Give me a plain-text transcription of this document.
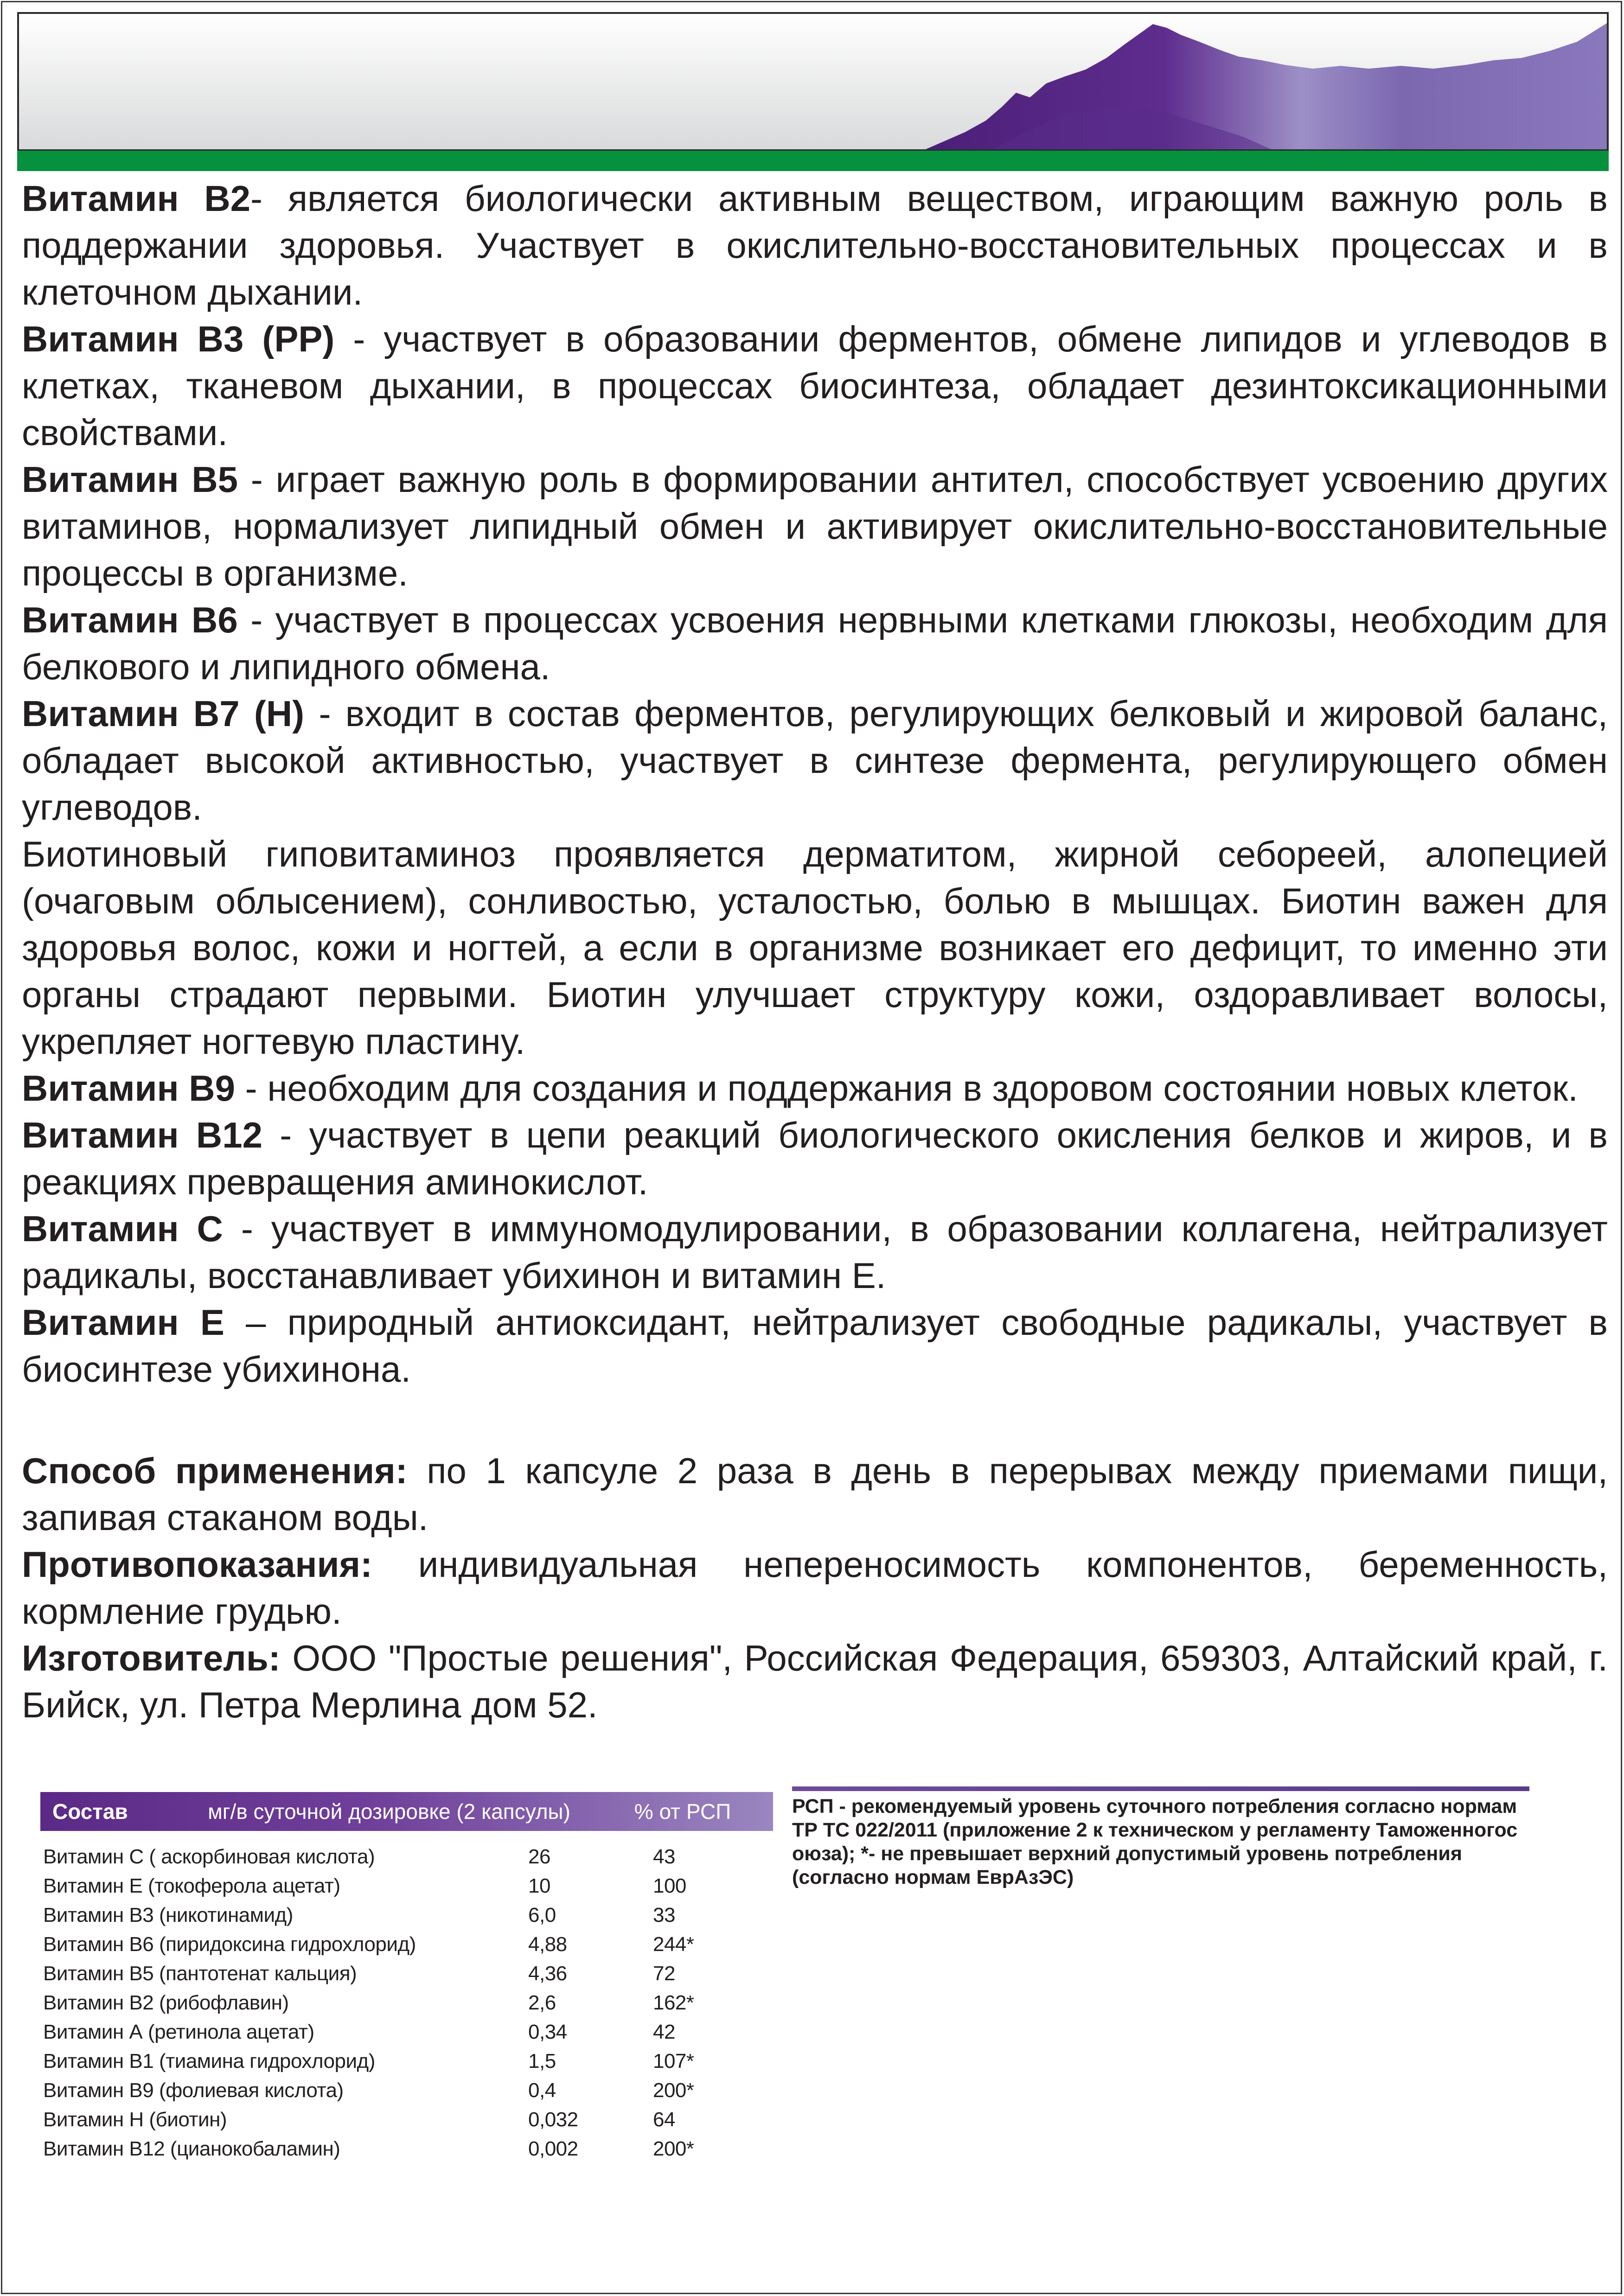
Витамин В2- является биологически активным веществом, играющим важную роль в поддержании здоровья. Участвует в окислительно-восстановительных процессах и в клеточном дыхании.

Витамин В3 (PP) - участвует в образовании ферментов, обмене липидов и углеводов в клетках, тканевом дыхании, в процессах биосинтеза, обладает дезинтоксикационными свойствами.

Витамин В5 - играет важную роль в формировании антител, способствует усвоению других витаминов, нормализует липидный обмен и активирует окислительно-восстановительные процессы в организме.

Витамин В6 - участвует в процессах усвоения нервными клетками глюкозы, необходим для белкового и липидного обмена.

Витамин В7 (Н) - входит в состав ферментов, регулирующих белковый и жировой баланс, обладает высокой активностью, участвует в синтезе фермента, регулирующего обмен углеводов.

Биотиновый гиповитаминоз проявляется дерматитом, жирной себореей, алопецией (очаговым облысением), сонливостью, усталостью, болью в мышцах. Биотин важен для здоровья волос, кожи и ногтей, а если в организме возникает его дефицит, то именно эти органы страдают первыми. Биотин улучшает структуру кожи, оздоравливает волосы, укрепляет ногтевую пластину.

Витамин В9 - необходим для создания и поддержания в здоровом состоянии новых клеток.

Витамин В12 - участвует в цепи реакций биологического окисления белков и жиров, и в реакциях превращения аминокислот.

Витамин С - участвует в иммуномодулировании, в образовании коллагена, нейтрализует радикалы, восстанавливает убихинон и витамин Е.

Витамин Е – природный антиоксидант, нейтрализует свободные радикалы, участвует в биосинтезе убихинона.

Способ применения: по 1 капсуле 2 раза в день в перерывах между приемами пищи, запивая стаканом воды.

Противопоказания: индивидуальная непереносимость компонентов, беременность, кормление грудью.

Изготовитель: ООО "Простые решения", Российская Федерация, 659303, Алтайский край, г. Бийск, ул. Петра Мерлина дом 52.

Состав	мг/в суточной дозировке (2 капсулы)	% от РСП
Витамин С ( аскорбиновая кислота)	26	43
Витамин Е (токоферола ацетат)	10	100
Витамин В3 (никотинамид)	6,0	33
Витамин В6 (пиридоксина гидрохлорид)	4,88	244*
Витамин В5 (пантотенат кальция)	4,36	72
Витамин В2 (рибофлавин)	2,6	162*
Витамин А (ретинола ацетат)	0,34	42
Витамин В1 (тиамина гидрохлорид)	1,5	107*
Витамин В9 (фолиевая кислота)	0,4	200*
Витамин Н (биотин)	0,032	64
Витамин В12 (цианокобаламин)	0,002	200*
РСП - рекомендуемый уровень суточного потребления согласно нормам ТР ТС 022/2011 (приложение 2 к техническом у регламенту Таможенногос оюза); *- не превышает верхний допустимый уровень потребления (согласно нормам ЕврАзЭС)
